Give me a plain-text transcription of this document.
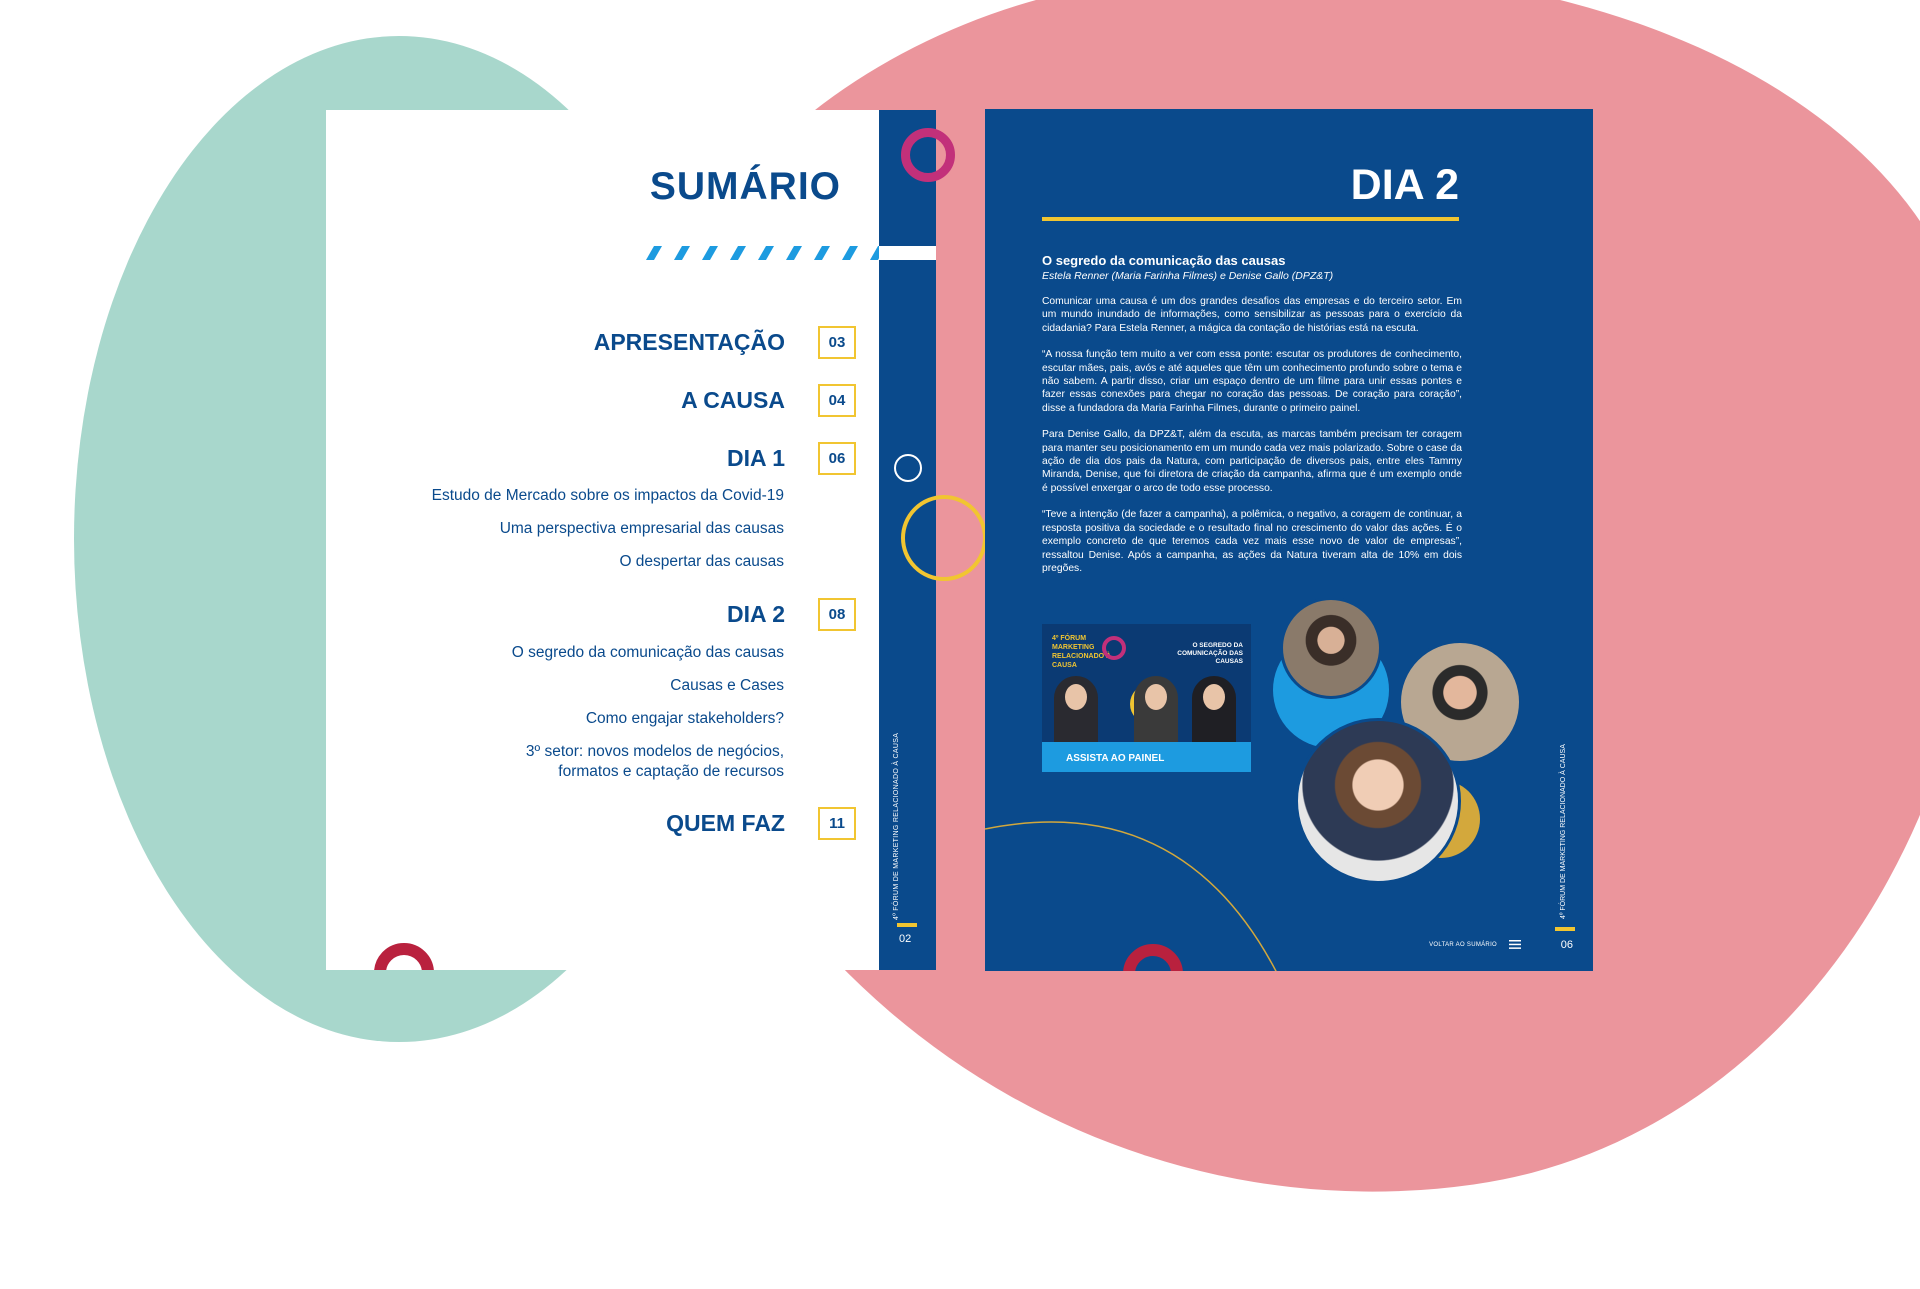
SUMÁRIO
APRESENTAÇÃO	03
A CAUSA	04
DIA 1	06
Estudo de Mercado sobre os impactos da Covid-19
Uma perspectiva empresarial das causas
O despertar das causas
DIA 2	08
O segredo da comunicação das causas
Causas e Cases
Como engajar stakeholders?
3º setor: novos modelos de negócios, formatos e captação de recursos
QUEM FAZ	11	4º FÓRUM DE MARKETING RELACIONADO À CAUSA
02
DIA 2
O segredo da comunicação das causas
Estela Renner (Maria Farinha Filmes) e Denise Gallo (DPZ&T)

Comunicar uma causa é um dos grandes desafios das empresas e do terceiro setor. Em um mundo inundado de informações, como sensibilizar as pessoas para o exercício da cidadania? Para Estela Renner, a mágica da contação de histórias está na escuta.

“A nossa função tem muito a ver com essa ponte: escutar os produtores de conhecimento, escutar mães, pais, avós e até aqueles que têm um conhecimento profundo sobre o tema e não sabem. A partir disso, criar um espaço dentro de um filme para unir essas pontes e fazer essas conexões para chegar no coração das pessoas. De coração para coração”, disse a fundadora da Maria Farinha Filmes, durante o primeiro painel.

Para Denise Gallo, da DPZ&T, além da escuta, as marcas também precisam ter coragem para manter seu posicionamento em um mundo cada vez mais polarizado. Sobre o case da ação de dia dos pais da Natura, com participação de diversos pais, entre eles Tammy Miranda, Denise, que foi diretora de criação da campanha, afirma que é um exemplo onde é possível enxergar o arco de todo esse processo.

“Teve a intenção (de fazer a campanha), a polêmica, o negativo, a coragem de continuar, a resposta positiva da sociedade e o resultado final no crescimento do valor das ações. É o exemplo concreto de que teremos cada vez mais esse novo de valor de empresas”, ressaltou Denise. Após a campanha, as ações da Natura tiveram alta de 10% em dois pregões.

4º FÓRUM MARKETING RELACIONADO À CAUSA
O SEGREDO DA COMUNICAÇÃO DAS CAUSAS
ASSISTA AO PAINEL	4º FÓRUM DE MARKETING RELACIONADO À CAUSA
VOLTAR AO SUMÁRIO	06
